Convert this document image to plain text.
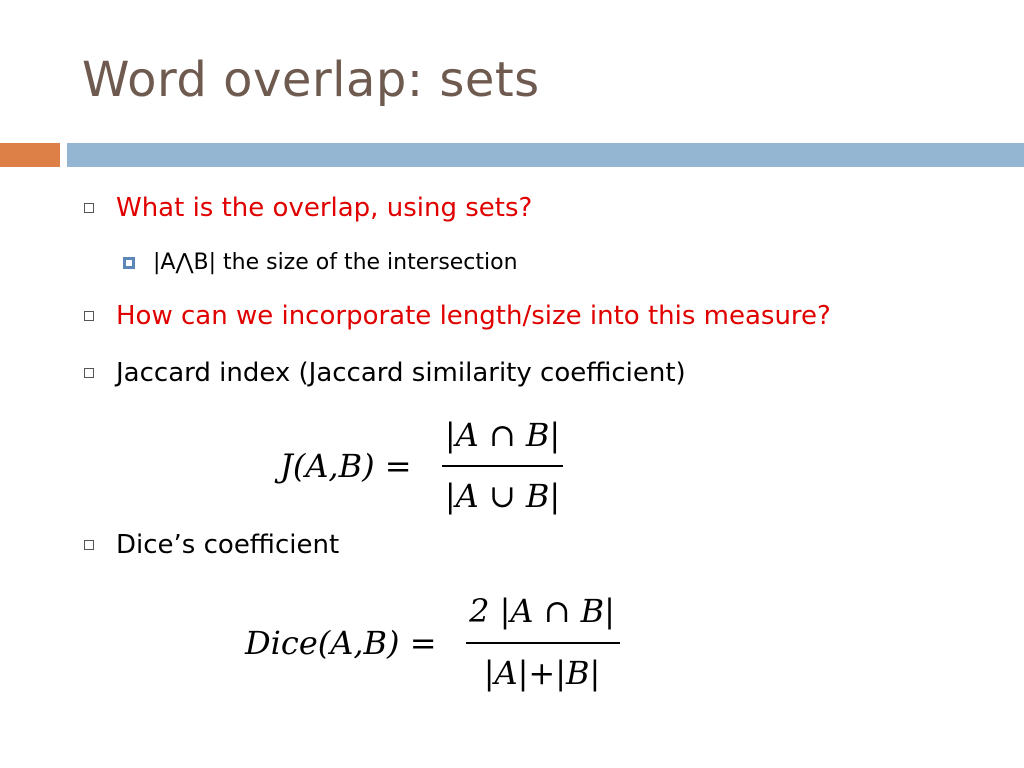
Word overlap: sets
What is the overlap, using sets?
|A⋀B| the size of the intersection
How can we incorporate length/size into this measure?
Jaccard index (Jaccard similarity coefficient)
J(A,B) =
|A ∩ B|
|A ∪ B|
Dice’s coefficient
Dice(A,B) =
2 |A ∩ B|
|A|+|B|
